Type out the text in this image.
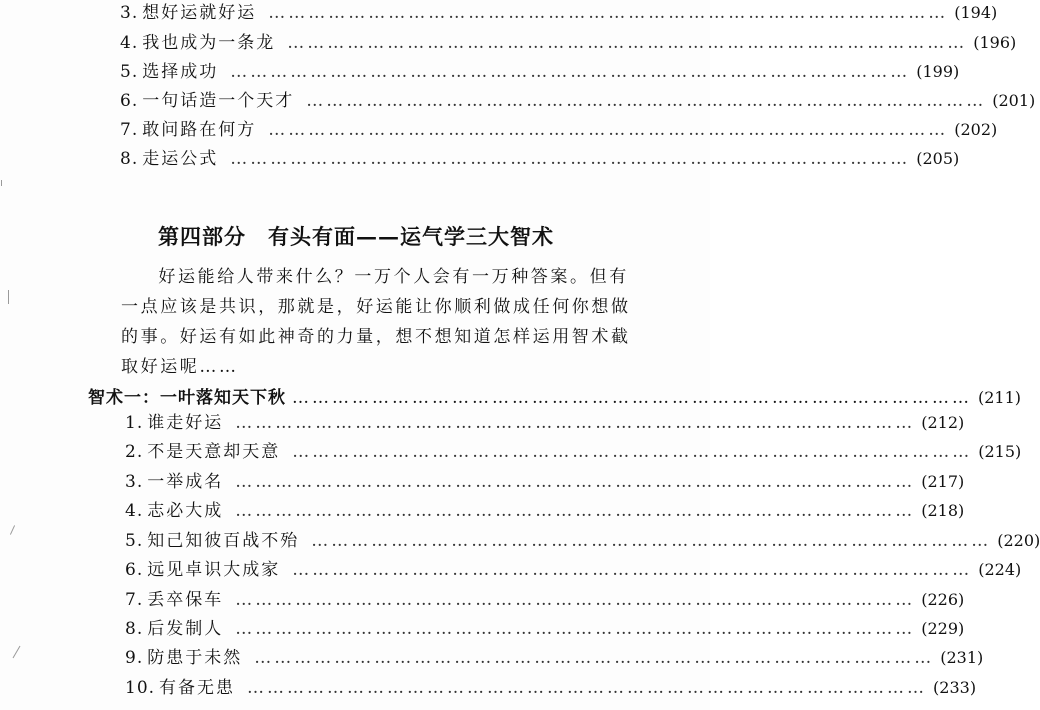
3. 想好运就好运 ………………………………………………………………………………………… (194)
4. 我也成为一条龙 ………………………………………………………………………………………… (196)
5. 选择成功 ………………………………………………………………………………………… (199)
6. 一句话造一个天才 ………………………………………………………………………………………… (201)
7. 敢问路在何方 ………………………………………………………………………………………… (202)
8. 走运公式 ………………………………………………………………………………………… (205)
第四部分　有头有面——运气学三大智术

好运能给人带来什么？一万个人会有一万种答案。但有一点应该是共识，那就是，好运能让你顺利做成任何你想做的事。好运有如此神奇的力量，想不想知道怎样运用智术截取好运呢……

智术一：一叶落知天下秋 ………………………………………………………………………………………… (211)
1. 谁走好运 ………………………………………………………………………………………… (212)
2. 不是天意却天意 ………………………………………………………………………………………… (215)
3. 一举成名 ………………………………………………………………………………………… (217)
4. 志必大成 ………………………………………………………………………………………… (218)
5. 知己知彼百战不殆 ………………………………………………………………………………………… (220)
6. 远见卓识大成家 ………………………………………………………………………………………… (224)
7. 丢卒保车 ………………………………………………………………………………………… (226)
8. 后发制人 ………………………………………………………………………………………… (229)
9. 防患于未然 ………………………………………………………………………………………… (231)
10. 有备无患 ………………………………………………………………………………………… (233)
